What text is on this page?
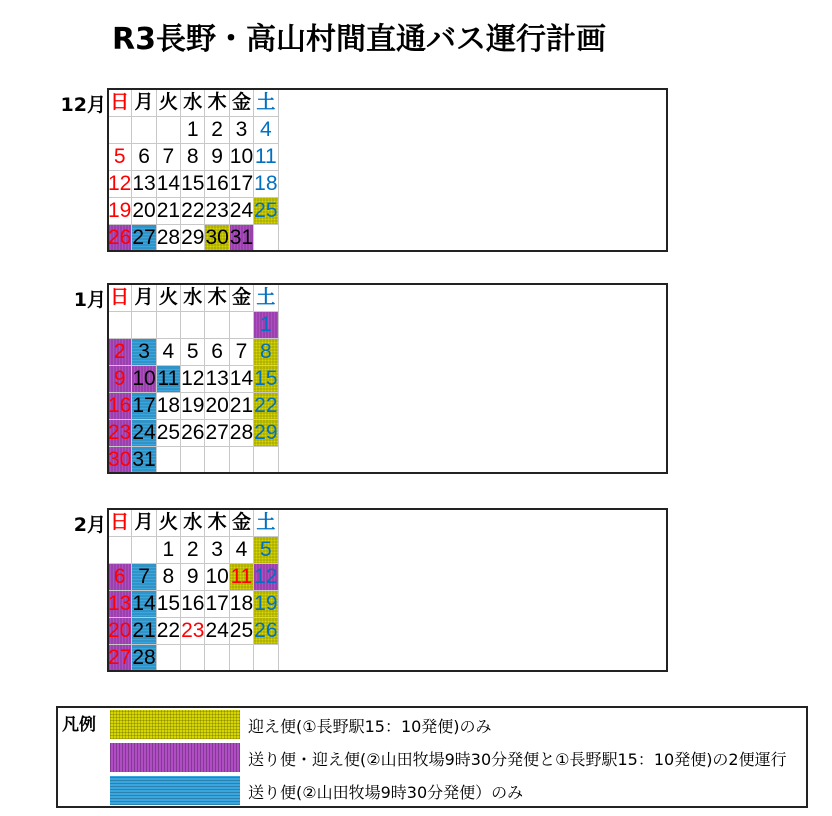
R3長野・高山村間直通バス運行計画
12月 日	月	火	水	木	金	土
			1	2	3	4
5	6	7	8	9	10	11
12	13	14	15	16	17	18
19	20	21	22	23	24	25
26	27	28	29	30	31	
1月 日	月	火	水	木	金	土
						1
2	3	4	5	6	7	8
9	10	11	12	13	14	15
16	17	18	19	20	21	22
23	24	25	26	27	28	29
30	31					
2月 日	月	火	水	木	金	土
		1	2	3	4	5
6	7	8	9	10	11	12
13	14	15	16	17	18	19
20	21	22	23	24	25	26
27	28					
凡例	迎え便(①長野駅15：10発便)のみ
送り便・迎え便(②山田牧場9時30分発便と①長野駅15：10発便)の2便運行
送り便(②山田牧場9時30分発便）のみ
